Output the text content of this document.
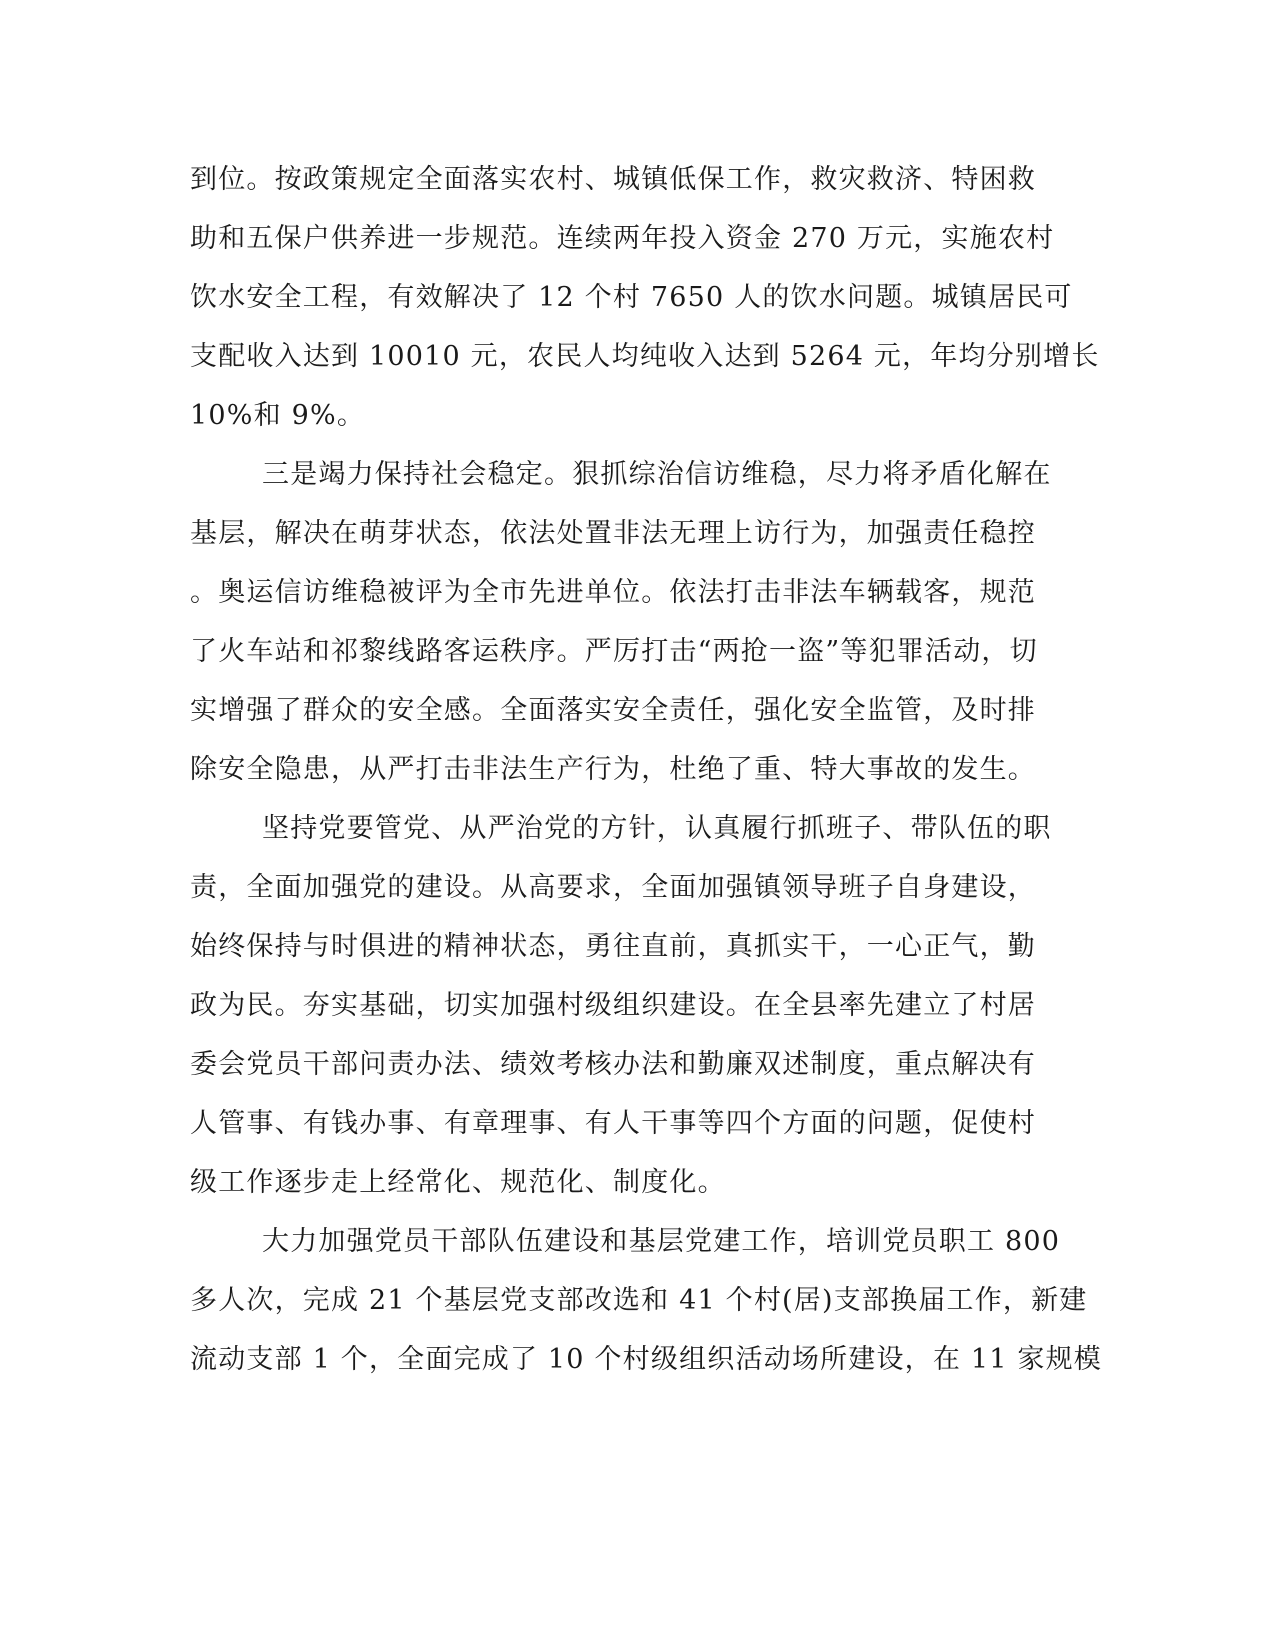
到位。按政策规定全面落实农村、城镇低保工作，救灾救济、特困救
助和五保户供养进一步规范。连续两年投入资金 270 万元，实施农村
饮水安全工程，有效解决了 12 个村 7650 人的饮水问题。城镇居民可
支配收入达到 10010 元，农民人均纯收入达到 5264 元，年均分别增长
10%和 9%。
三是竭力保持社会稳定。狠抓综治信访维稳，尽力将矛盾化解在
基层，解决在萌芽状态，依法处置非法无理上访行为，加强责任稳控
。奥运信访维稳被评为全市先进单位。依法打击非法车辆载客，规范
了火车站和祁黎线路客运秩序。严厉打击“两抢一盗”等犯罪活动，切
实增强了群众的安全感。全面落实安全责任，强化安全监管，及时排
除安全隐患，从严打击非法生产行为，杜绝了重、特大事故的发生。
坚持党要管党、从严治党的方针，认真履行抓班子、带队伍的职
责，全面加强党的建设。从高要求，全面加强镇领导班子自身建设，
始终保持与时俱进的精神状态，勇往直前，真抓实干，一心正气，勤
政为民。夯实基础，切实加强村级组织建设。在全县率先建立了村居
委会党员干部问责办法、绩效考核办法和勤廉双述制度，重点解决有
人管事、有钱办事、有章理事、有人干事等四个方面的问题，促使村
级工作逐步走上经常化、规范化、制度化。
大力加强党员干部队伍建设和基层党建工作，培训党员职工 800
多人次，完成 21 个基层党支部改选和 41 个村(居)支部换届工作，新建
流动支部 1 个，全面完成了 10 个村级组织活动场所建设，在 11 家规模
